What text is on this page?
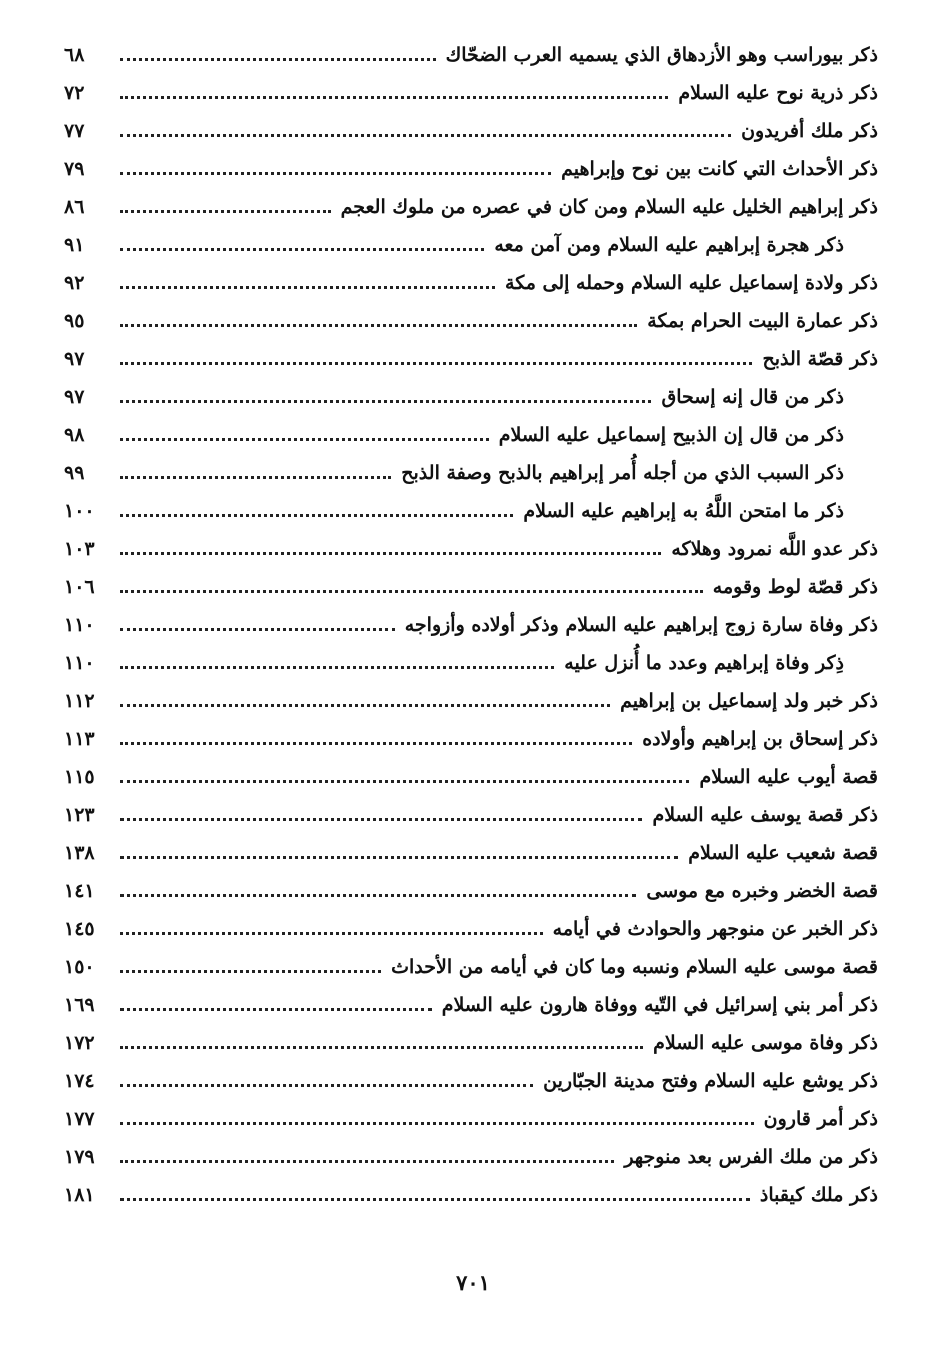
ذكر بيوراسب وهو الأزدهاق الذي يسميه العرب الضحّاك
٦٨
ذكر ذرية نوح عليه السلام
٧٢
ذكر ملك أفريدون
٧٧
ذكر الأحداث التي كانت بين نوح وإبراهيم
٧٩
ذكر إبراهيم الخليل عليه السلام ومن كان في عصره من ملوك العجم
٨٦
ذكر هجرة إبراهيم عليه السلام ومن آمن معه
٩١
ذكر ولادة إسماعيل عليه السلام وحمله إلى مكة
٩٢
ذكر عمارة البيت الحرام بمكة
٩٥
ذكر قصّة الذبح
٩٧
ذكر من قال إنه إسحاق
٩٧
ذكر من قال إن الذبيح إسماعيل عليه السلام
٩٨
ذكر السبب الذي من أجله أُمر إبراهيم بالذبح وصفة الذبح
٩٩
ذكر ما امتحن اللَّهُ به إبراهيم عليه السلام
١٠٠
ذكر عدو اللَّه نمرود وهلاكه
١٠٣
ذكر قصّة لوط وقومه
١٠٦
ذكر وفاة سارة زوج إبراهيم عليه السلام وذكر أولاده وأزواجه
١١٠
ذِكر وفاة إبراهيم وعدد ما أُنزل عليه
١١٠
ذكر خبر ولد إسماعيل بن إبراهيم
١١٢
ذكر إسحاق بن إبراهيم وأولاده
١١٣
قصة أيوب عليه السلام
١١٥
ذكر قصة يوسف عليه السلام
١٢٣
قصة شعيب عليه السلام
١٣٨
قصة الخضر وخبره مع موسى
١٤١
ذكر الخبر عن منوجهر والحوادث في أيامه
١٤٥
قصة موسى عليه السلام ونسبه وما كان في أيامه من الأحداث
١٥٠
ذكر أمر بني إسرائيل في التّيه ووفاة هارون عليه السلام
١٦٩
ذكر وفاة موسى عليه السلام
١٧٢
ذكر يوشع عليه السلام وفتح مدينة الجبّارين
١٧٤
ذكر أمر قارون
١٧٧
ذكر من ملك الفرس بعد منوجهر
١٧٩
ذكر ملك كيقباذ
١٨١
٧٠١
